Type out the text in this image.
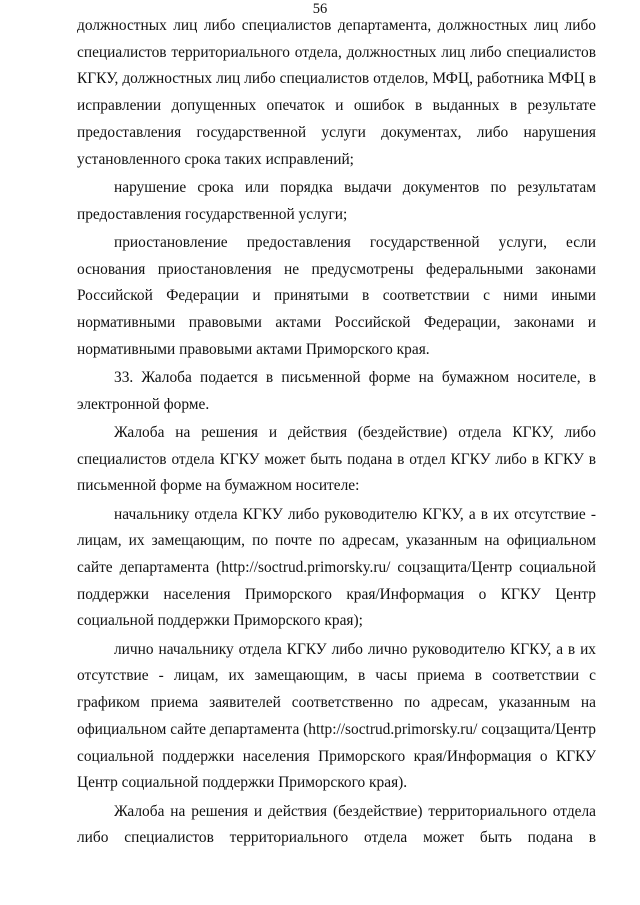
56

должностных лиц либо специалистов департамента, должностных лиц либо специалистов территориального отдела, должностных лиц либо специалистов КГКУ, должностных лиц либо специалистов отделов, МФЦ, работника МФЦ в исправлении допущенных опечаток и ошибок в выданных в результате предоставления государственной услуги документах, либо нарушения установленного срока таких исправлений;

нарушение срока или порядка выдачи документов по результатам предоставления государственной услуги;

приостановление предоставления государственной услуги, если основания приостановления не предусмотрены федеральными законами Российской Федерации и принятыми в соответствии с ними иными нормативными правовыми актами Российской Федерации, законами и нормативными правовыми актами Приморского края.

33. Жалоба подается в письменной форме на бумажном носителе, в электронной форме.

Жалоба на решения и действия (бездействие) отдела КГКУ, либо специалистов отдела КГКУ может быть подана в отдел КГКУ либо в КГКУ в письменной форме на бумажном носителе:

начальнику отдела КГКУ либо руководителю КГКУ, а в их отсутствие - лицам, их замещающим, по почте по адресам, указанным на официальном сайте департамента (http://soctrud.primorsky.ru/ соцзащита/Центр социальной поддержки населения Приморского края/Информация о КГКУ Центр социальной поддержки Приморского края);

лично начальнику отдела КГКУ либо лично руководителю КГКУ, а в их отсутствие - лицам, их замещающим, в часы приема в соответствии с графиком приема заявителей соответственно по адресам, указанным на официальном сайте департамента (http://soctrud.primorsky.ru/ соцзащита/Центр социальной поддержки населения Приморского края/Информация о КГКУ Центр социальной поддержки Приморского края).

Жалоба на решения и действия (бездействие) территориального отдела либо специалистов территориального отдела может быть подана в
